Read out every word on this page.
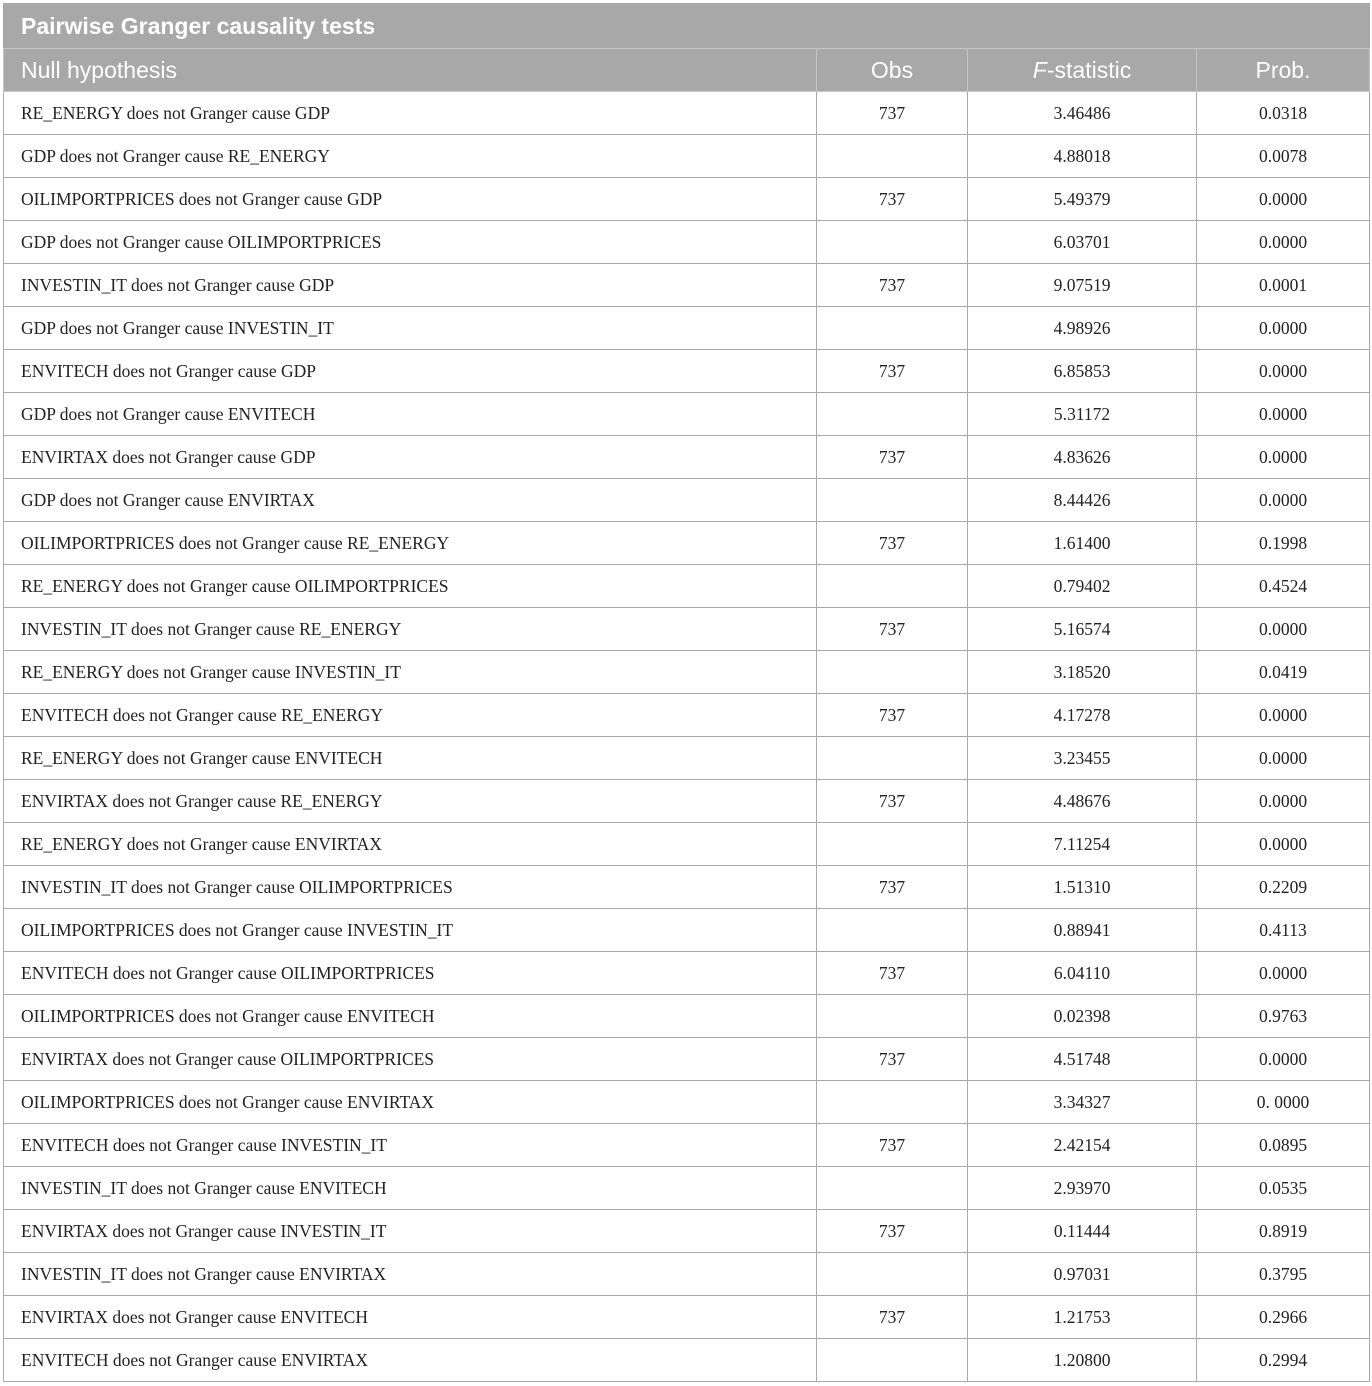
Pairwise Granger causality tests			
Null hypothesis	Obs	F-statistic	Prob.
RE_ENERGY does not Granger cause GDP	737	3.46486	0.0318
GDP does not Granger cause RE_ENERGY		4.88018	0.0078
OILIMPORTPRICES does not Granger cause GDP	737	5.49379	0.0000
GDP does not Granger cause OILIMPORTPRICES		6.03701	0.0000
INVESTIN_IT does not Granger cause GDP	737	9.07519	0.0001
GDP does not Granger cause INVESTIN_IT		4.98926	0.0000
ENVITECH does not Granger cause GDP	737	6.85853	0.0000
GDP does not Granger cause ENVITECH		5.31172	0.0000
ENVIRTAX does not Granger cause GDP	737	4.83626	0.0000
GDP does not Granger cause ENVIRTAX		8.44426	0.0000
OILIMPORTPRICES does not Granger cause RE_ENERGY	737	1.61400	0.1998
RE_ENERGY does not Granger cause OILIMPORTPRICES		0.79402	0.4524
INVESTIN_IT does not Granger cause RE_ENERGY	737	5.16574	0.0000
RE_ENERGY does not Granger cause INVESTIN_IT		3.18520	0.0419
ENVITECH does not Granger cause RE_ENERGY	737	4.17278	0.0000
RE_ENERGY does not Granger cause ENVITECH		3.23455	0.0000
ENVIRTAX does not Granger cause RE_ENERGY	737	4.48676	0.0000
RE_ENERGY does not Granger cause ENVIRTAX		7.11254	0.0000
INVESTIN_IT does not Granger cause OILIMPORTPRICES	737	1.51310	0.2209
OILIMPORTPRICES does not Granger cause INVESTIN_IT		0.88941	0.4113
ENVITECH does not Granger cause OILIMPORTPRICES	737	6.04110	0.0000
OILIMPORTPRICES does not Granger cause ENVITECH		0.02398	0.9763
ENVIRTAX does not Granger cause OILIMPORTPRICES	737	4.51748	0.0000
OILIMPORTPRICES does not Granger cause ENVIRTAX		3.34327	0. 0000
ENVITECH does not Granger cause INVESTIN_IT	737	2.42154	0.0895
INVESTIN_IT does not Granger cause ENVITECH		2.93970	0.0535
ENVIRTAX does not Granger cause INVESTIN_IT	737	0.11444	0.8919
INVESTIN_IT does not Granger cause ENVIRTAX		0.97031	0.3795
ENVIRTAX does not Granger cause ENVITECH	737	1.21753	0.2966
ENVITECH does not Granger cause ENVIRTAX		1.20800	0.2994
